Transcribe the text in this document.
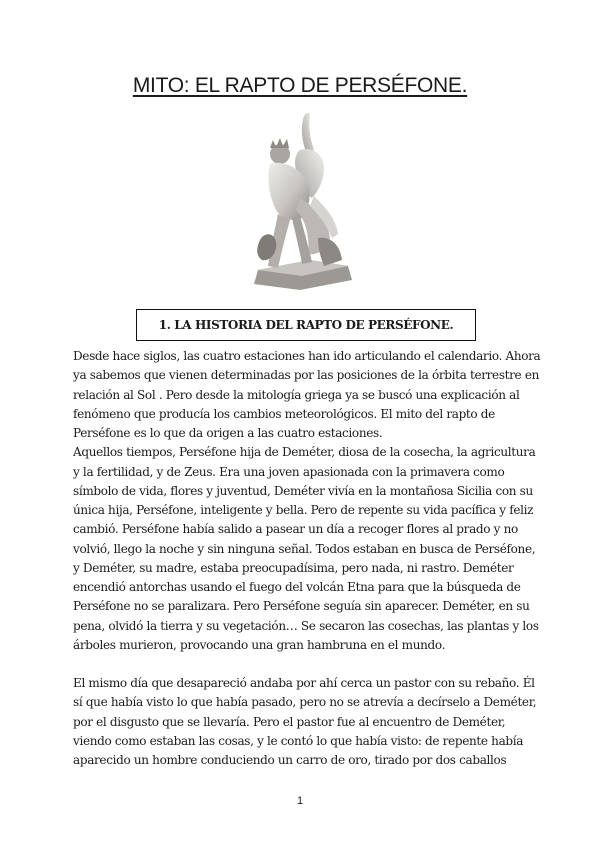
MITO: EL RAPTO DE PERSÉFONE.
1. LA HISTORIA DEL RAPTO DE PERSÉFONE.

Desde hace siglos, las cuatro estaciones han ido articulando el calendario. Ahora

ya sabemos que vienen determinadas por las posiciones de la órbita terrestre en

relación al Sol . Pero desde la mitología griega ya se buscó una explicación al

fenómeno que producía los cambios meteorológicos. El mito del rapto de

Perséfone es lo que da origen a las cuatro estaciones.

Aquellos tiempos, Perséfone hija de Deméter, diosa de la cosecha, la agricultura

y la fertilidad, y de Zeus. Era una joven apasionada con la primavera como

símbolo de vida, flores y juventud, Deméter vivía en la montañosa Sicilia con su

única hija, Perséfone, inteligente y bella. Pero de repente su vida pacífica y feliz

cambió. Perséfone había salido a pasear un día a recoger flores al prado y no

volvió, llego la noche y sin ninguna señal. Todos estaban en busca de Perséfone,

y Deméter, su madre, estaba preocupadísima, pero nada, ni rastro. Deméter

encendió antorchas usando el fuego del volcán Etna para que la búsqueda de

Perséfone no se paralizara. Pero Perséfone seguía sin aparecer. Deméter, en su

pena, olvidó la tierra y su vegetación… Se secaron las cosechas, las plantas y los

árboles murieron, provocando una gran hambruna en el mundo.

El mismo día que desapareció andaba por ahí cerca un pastor con su rebaño. Él

sí que había visto lo que había pasado, pero no se atrevía a decírselo a Deméter,

por el disgusto que se llevaría. Pero el pastor fue al encuentro de Deméter,

viendo como estaban las cosas, y le contó lo que había visto: de repente había

aparecido un hombre conduciendo un carro de oro, tirado por dos caballos

1
